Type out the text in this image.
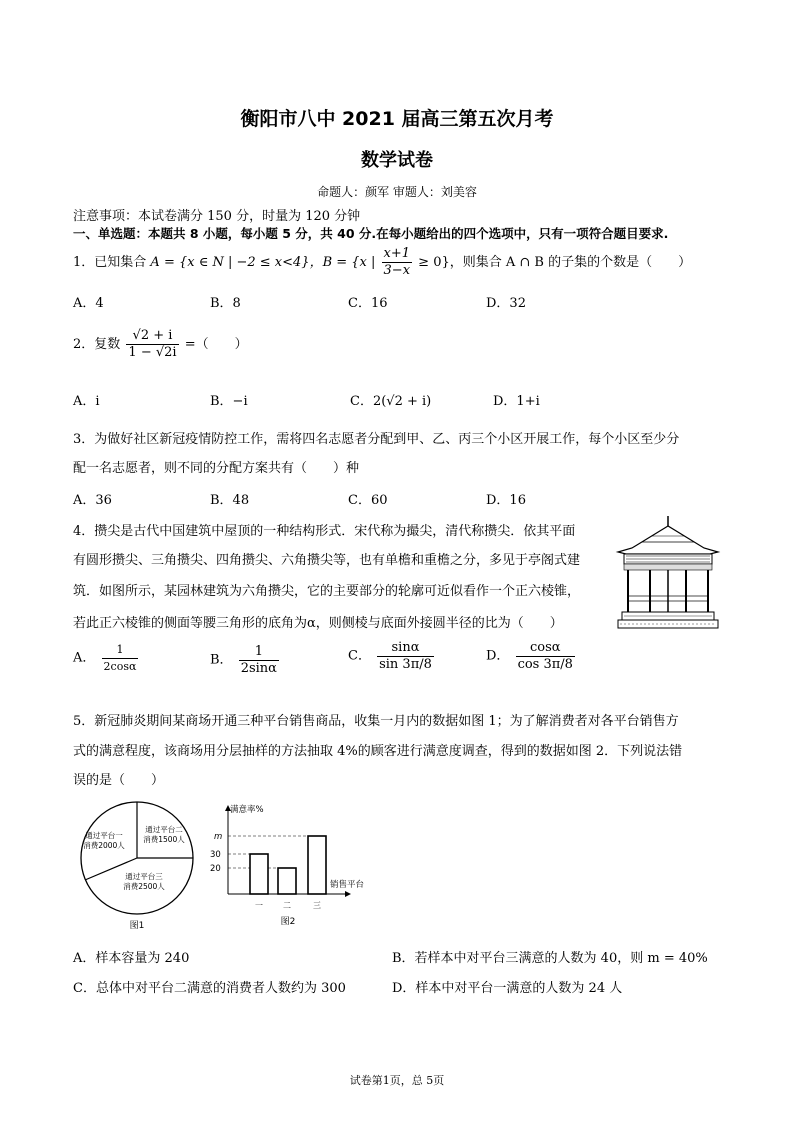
衡阳市八中 2021 届高三第五次月考
数学试卷
命题人：颜军 审题人：刘美容
注意事项：本试卷满分 150 分，时量为 120 分钟
一、单选题：本题共 8 小题，每小题 5 分，共 40 分.在每小题给出的四个选项中，只有一项符合题目要求.
1．已知集合 A = {x ∈ N | −2 ≤ x<4}，B = {x | $\frac{x+1}{3-x} \ge 0$}，则集合 A ∩ B 的子集的个数是（　　）
A．4	B．8	C．16	D．32
2．复数 $\frac{√2 + i}{1 - √2i}$ =（　　）
A．i	B．−i	C．2(√2 + i)	D．1+i
3．为做好社区新冠疫情防控工作，需将四名志愿者分配到甲、乙、丙三个小区开展工作，每个小区至少分
配一名志愿者，则不同的分配方案共有（　　）种
A．36	B．48	C．60	D．16
4．攒尖是古代中国建筑中屋顶的一种结构形式．宋代称为撮尖，清代称攒尖．依其平面
有圆形攒尖、三角攒尖、四角攒尖、六角攒尖等，也有单檐和重檐之分，多见于亭阁式建
筑．如图所示，某园林建筑为六角攒尖，它的主要部分的轮廓可近似看作一个正六棱锥，
若此正六棱锥的侧面等腰三角形的底角为α，则侧棱与底面外接圆半径的比为（　　）
A． $\frac{1}{2\cos\alpha}$	B． $\frac{1}{2\sin\alpha}$	C． $\frac{\sin\alpha}{\sin 3\pi/8}$	D． $\frac{\cos\alpha}{\cos 3\pi/8}$
5．新冠肺炎期间某商场开通三种平台销售商品，收集一月内的数据如图 1；为了解消费者对各平台销售方
式的满意程度，该商场用分层抽样的方法抽取 4%的顾客进行满意度调查，得到的数据如图 2．下列说法错
误的是（　　）
通过平台一
消费2000人
通过平台二
消费1500人
通过平台三
消费2500人
图1
满意率%
销售平台
m
30
20
一	二	三
图2
A．样本容量为 240	B．若样本中对平台三满意的人数为 40，则 m = 40%
C．总体中对平台二满意的消费者人数约为 300	D．样本中对平台一满意的人数为 24 人
试卷第1页，总 5页
